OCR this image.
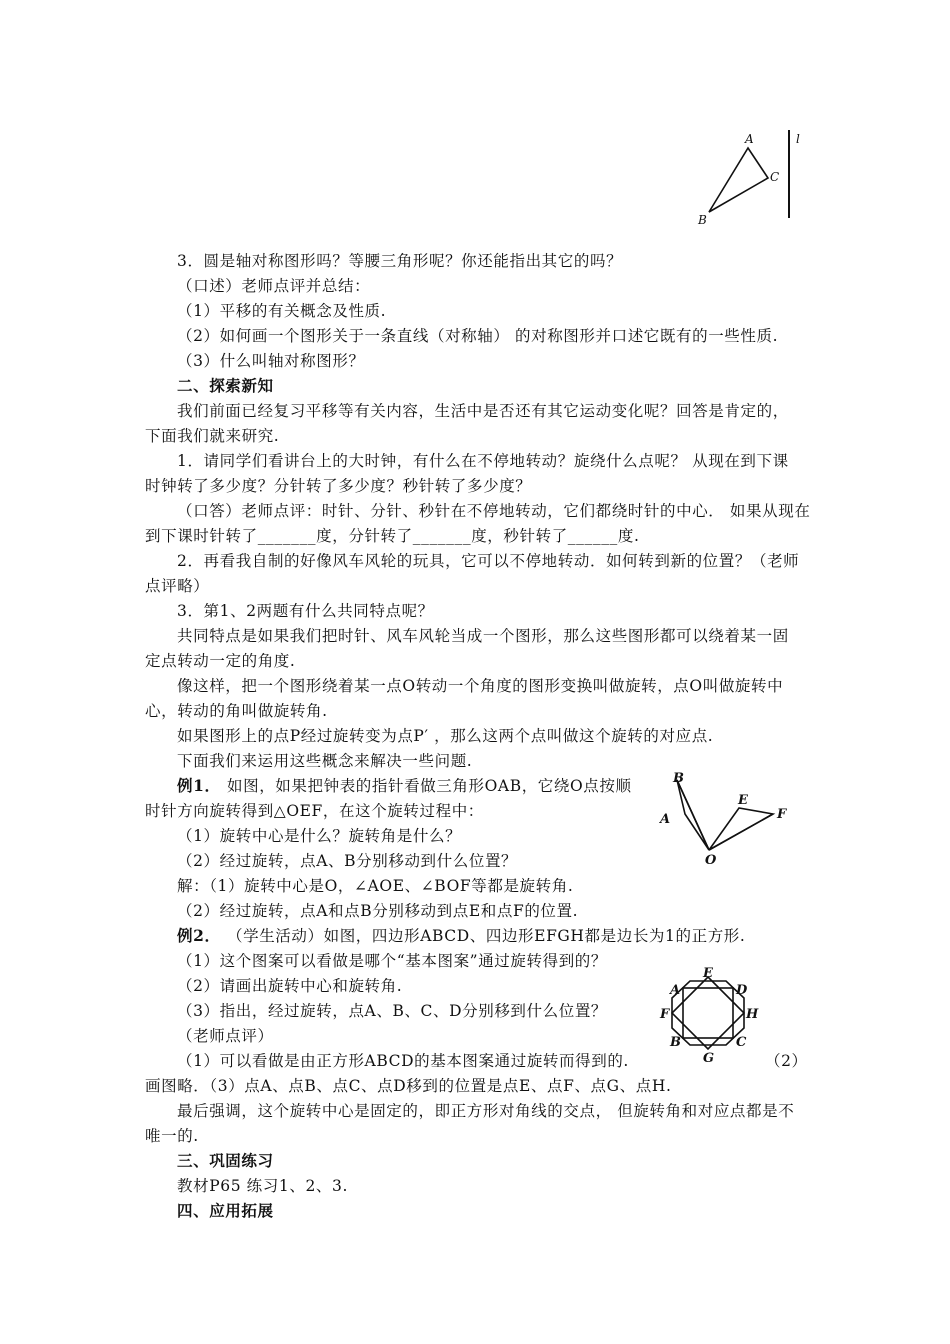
A
C
B
l
3．圆是轴对称图形吗？等腰三角形呢？你还能指出其它的吗？
（口述）老师点评并总结：
（1）平移的有关概念及性质.
（2）如何画一个图形关于一条直线（对称轴） 的对称图形并口述它既有的一些性质.
（3）什么叫轴对称图形？
二、探索新知
我们前面已经复习平移等有关内容，生活中是否还有其它运动变化呢？回答是肯定的，
下面我们就来研究.
1．请同学们看讲台上的大时钟，有什么在不停地转动？旋绕什么点呢？ 从现在到下课
时钟转了多少度？分针转了多少度？秒针转了多少度？
（口答）老师点评：时针、分针、秒针在不停地转动，它们都绕时针的中心． 如果从现在
到下课时针转了_______度，分针转了_______度，秒针转了______度.
2．再看我自制的好像风车风轮的玩具，它可以不停地转动．如何转到新的位置？（老师
点评略）
3．第1、2两题有什么共同特点呢？
共同特点是如果我们把时针、风车风轮当成一个图形，那么这些图形都可以绕着某一固
定点转动一定的角度.
像这样，把一个图形绕着某一点O转动一个角度的图形变换叫做旋转，点O叫做旋转中
心，转动的角叫做旋转角.
如果图形上的点P经过旋转变为点P′ ，那么这两个点叫做这个旋转的对应点.
下面我们来运用这些概念来解决一些问题.
例1． 如图，如果把钟表的指针看做三角形OAB，它绕O点按顺
时针方向旋转得到△OEF，在这个旋转过程中：
（1）旋转中心是什么？旋转角是什么？
（2）经过旋转，点A、B分别移动到什么位置？
解：（1）旋转中心是O，∠AOE、∠BOF等都是旋转角.
（2）经过旋转，点A和点B分别移动到点E和点F的位置.
B
A
O
E
F
例2． （学生活动）如图，四边形ABCD、四边形EFGH都是边长为1的正方形.
（1）这个图案可以看做是哪个“基本图案”通过旋转得到的？
（2）请画出旋转中心和旋转角.
（3）指出，经过旋转，点A、B、C、D分别移到什么位置？
（老师点评）
（1）可以看做是由正方形ABCD的基本图案通过旋转而得到的.	（2）
画图略．（3）点A、点B、点C、点D移到的位置是点E、点F、点G、点H.
最后强调，这个旋转中心是固定的，即正方形对角线的交点， 但旋转角和对应点都是不
唯一的.
三、巩固练习
教材P65 练习1、2、3.
四、应用拓展
E
A	D
F	H
B	C
G
